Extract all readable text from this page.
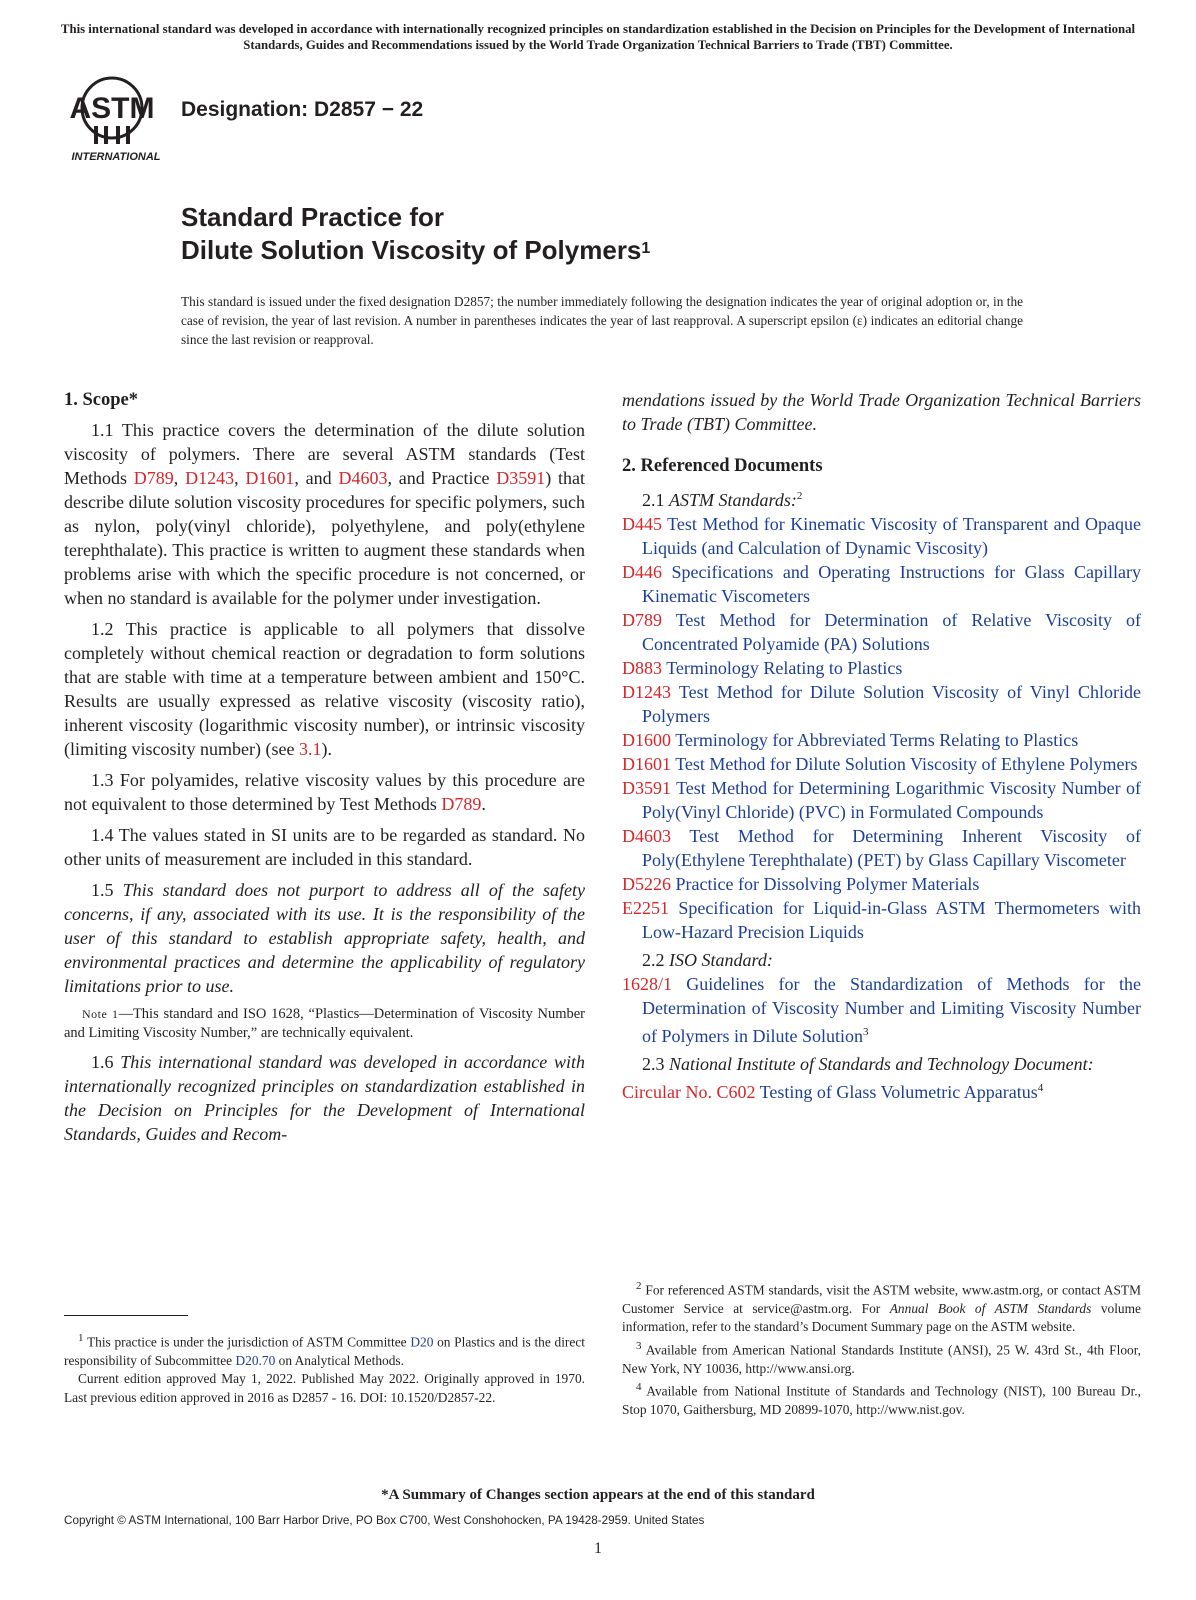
This international standard was developed in accordance with internationally recognized principles on standardization established in the Decision on Principles for the Development of International Standards, Guides and Recommendations issued by the World Trade Organization Technical Barriers to Trade (TBT) Committee.
ASTM
INTERNATIONAL
Designation: D2857 − 22
Standard Practice for
Dilute Solution Viscosity of Polymers$^1$
This standard is issued under the fixed designation D2857; the number immediately following the designation indicates the year of original adoption or, in the case of revision, the year of last revision. A number in parentheses indicates the year of last reapproval. A superscript epsilon (ε) indicates an editorial change since the last revision or reapproval.
1. Scope*

1.1 This practice covers the determination of the dilute solution viscosity of polymers. There are several ASTM standards (Test Methods D789, D1243, D1601, and D4603, and Practice D3591) that describe dilute solution viscosity procedures for specific polymers, such as nylon, poly(vinyl chloride), polyethylene, and poly(ethylene terephthalate). This practice is written to augment these standards when problems arise with which the specific procedure is not concerned, or when no standard is available for the polymer under investigation.

1.2 This practice is applicable to all polymers that dissolve completely without chemical reaction or degradation to form solutions that are stable with time at a temperature between ambient and 150°C. Results are usually expressed as relative viscosity (viscosity ratio), inherent viscosity (logarithmic viscosity number), or intrinsic viscosity (limiting viscosity number) (see 3.1).

1.3 For polyamides, relative viscosity values by this procedure are not equivalent to those determined by Test Methods D789.

1.4 The values stated in SI units are to be regarded as standard. No other units of measurement are included in this standard.

1.5 This standard does not purport to address all of the safety concerns, if any, associated with its use. It is the responsibility of the user of this standard to establish appropriate safety, health, and environmental practices and determine the applicability of regulatory limitations prior to use.

Note 1—This standard and ISO 1628, “Plastics—Determination of Viscosity Number and Limiting Viscosity Number,” are technically equivalent.

1.6 This international standard was developed in accordance with internationally recognized principles on standardization established in the Decision on Principles for the Development of International Standards, Guides and Recom-

mendations issued by the World Trade Organization Technical Barriers to Trade (TBT) Committee.

2. Referenced Documents

2.1 ASTM Standards:$^2$

D445 Test Method for Kinematic Viscosity of Transparent and Opaque Liquids (and Calculation of Dynamic Viscosity)

D446 Specifications and Operating Instructions for Glass Capillary Kinematic Viscometers

D789 Test Method for Determination of Relative Viscosity of Concentrated Polyamide (PA) Solutions

D883 Terminology Relating to Plastics

D1243 Test Method for Dilute Solution Viscosity of Vinyl Chloride Polymers

D1600 Terminology for Abbreviated Terms Relating to Plastics

D1601 Test Method for Dilute Solution Viscosity of Ethylene Polymers

D3591 Test Method for Determining Logarithmic Viscosity Number of Poly(Vinyl Chloride) (PVC) in Formulated Compounds

D4603 Test Method for Determining Inherent Viscosity of Poly(Ethylene Terephthalate) (PET) by Glass Capillary Viscometer

D5226 Practice for Dissolving Polymer Materials

E2251 Specification for Liquid-in-Glass ASTM Thermometers with Low-Hazard Precision Liquids

2.2 ISO Standard:

1628/1 Guidelines for the Standardization of Methods for the Determination of Viscosity Number and Limiting Viscosity Number of Polymers in Dilute Solution$^3$

2.3 National Institute of Standards and Technology Document:

Circular No. C602 Testing of Glass Volumetric Apparatus$^4$

$^1$ This practice is under the jurisdiction of ASTM Committee D20 on Plastics and is the direct responsibility of Subcommittee D20.70 on Analytical Methods.

Current edition approved May 1, 2022. Published May 2022. Originally approved in 1970. Last previous edition approved in 2016 as D2857 - 16. DOI: 10.1520/D2857-22.

$^2$ For referenced ASTM standards, visit the ASTM website, www.astm.org, or contact ASTM Customer Service at service@astm.org. For Annual Book of ASTM Standards volume information, refer to the standard’s Document Summary page on the ASTM website.

$^3$ Available from American National Standards Institute (ANSI), 25 W. 43rd St., 4th Floor, New York, NY 10036, http://www.ansi.org.

$^4$ Available from National Institute of Standards and Technology (NIST), 100 Bureau Dr., Stop 1070, Gaithersburg, MD 20899-1070, http://www.nist.gov.

*A Summary of Changes section appears at the end of this standard
Copyright © ASTM International, 100 Barr Harbor Drive, PO Box C700, West Conshohocken, PA 19428-2959. United States
1
